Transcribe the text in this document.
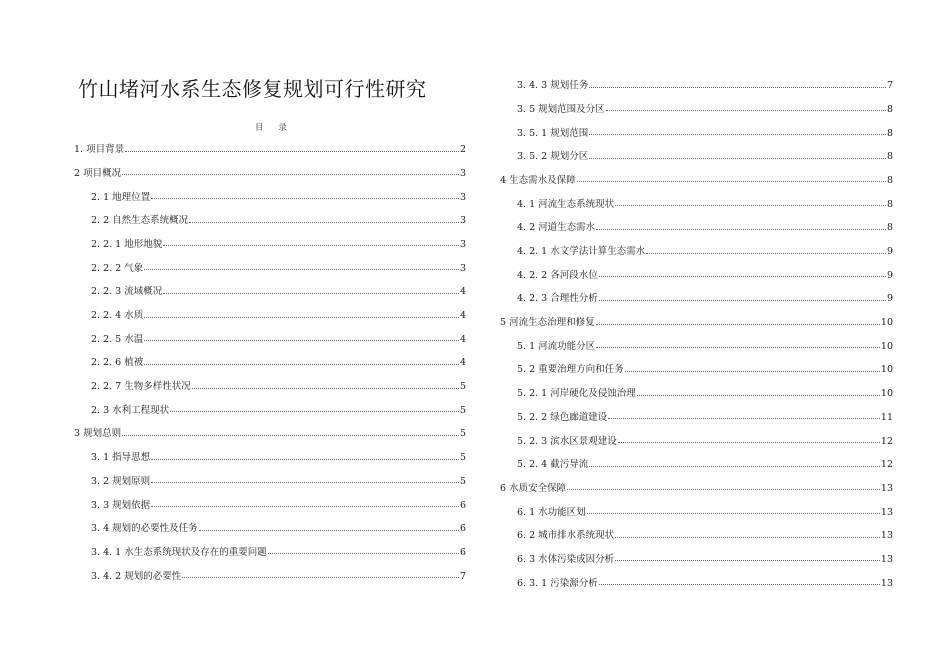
竹山堵河水系生态修复规划可行性研究
目 录
1. 项目背景	2
2 项目概况	3
2. 1 地理位置	3
2. 2 自然生态系统概况	3
2. 2. 1 地形地貌	3
2. 2. 2 气象	3
2. 2. 3 流域概况	4
2. 2. 4 水质	4
2. 2. 5 水温	4
2. 2. 6 植被	4
2. 2. 7 生物多样性状况	5
2. 3 水利工程现状	5
3 规划总则	5
3. 1 指导思想	5
3. 2 规划原则	5
3. 3 规划依据	6
3. 4 规划的必要性及任务	6
3. 4. 1 水生态系统现状及存在的重要问题	6
3. 4. 2 规划的必要性	7
3. 4. 3 规划任务	7
3. 5 规划范围及分区	8
3. 5. 1 规划范围	8
3. 5. 2 规划分区	8
4 生态需水及保障	8
4. 1 河流生态系统现状	8
4. 2 河道生态需水	8
4. 2. 1 水文学法计算生态需水	9
4. 2. 2 各河段水位	9
4. 2. 3 合理性分析	9
5 河流生态治理和修复	10
5. 1 河流功能分区	10
5. 2 重要治理方向和任务	10
5. 2. 1 河岸硬化及侵蚀治理	10
5. 2. 2 绿色廊道建设	11
5. 2. 3 滨水区景观建设	12
5. 2. 4 截污导流	12
6 水质安全保障	13
6. 1 水功能区划	13
6. 2 城市排水系统现状	13
6. 3 水体污染成因分析	13
6. 3. 1 污染源分析	13
